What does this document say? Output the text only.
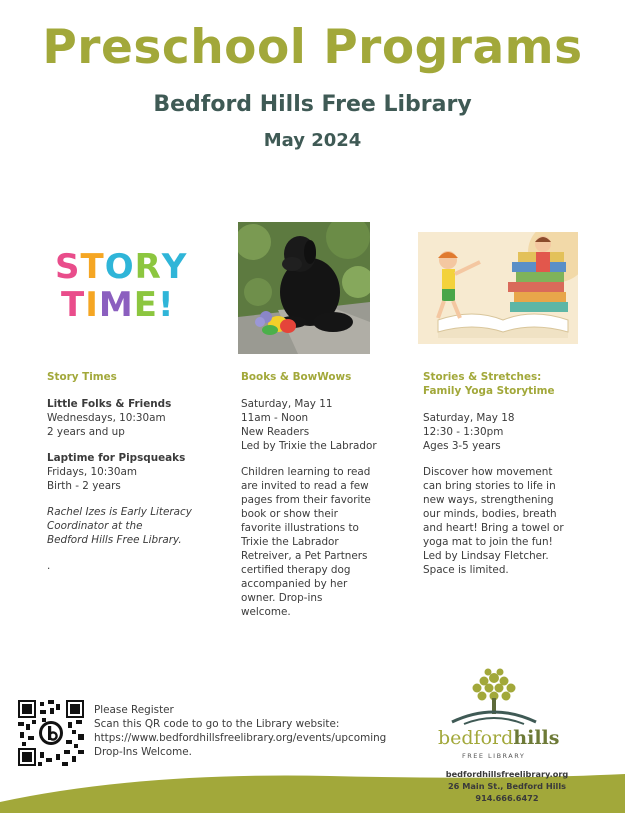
Preschool Programs
Bedford Hills Free Library
May 2024
STORY
TIME!
Story Times
Little Folks & Friends
Wednesdays, 10:30am
2 years and up
Laptime for Pipsqueaks
Fridays, 10:30am
Birth - 2 years
Rachel Izes is Early Literacy
Coordinator at the
Bedford Hills Free Library.
.
Books & BowWows
Saturday, May 11
11am - Noon
New Readers
Led by Trixie the Labrador
Children learning to read
are invited to read a few
pages from their favorite
book or show their
favorite illustrations to
Trixie the Labrador
Retreiver, a Pet Partners
certified therapy dog
accompanied by her
owner. Drop-ins
welcome.
Stories & Stretches:
Family Yoga Storytime
Saturday, May 18
12:30 - 1:30pm
Ages 3-5 years
Discover how movement
can bring stories to life in
new ways, strengthening
our minds, bodies, breath
and heart! Bring a towel or
yoga mat to join the fun!
Led by Lindsay Fletcher.
Space is limited.
Please Register
Scan this QR code to go to the Library website:
https://www.bedfordhillsfreelibrary.org/events/upcoming
Drop-Ins Welcome.
bedfordhills
FREE LIBRARY
bedfordhillsfreelibrary.org
26 Main St., Bedford Hills
914.666.6472
